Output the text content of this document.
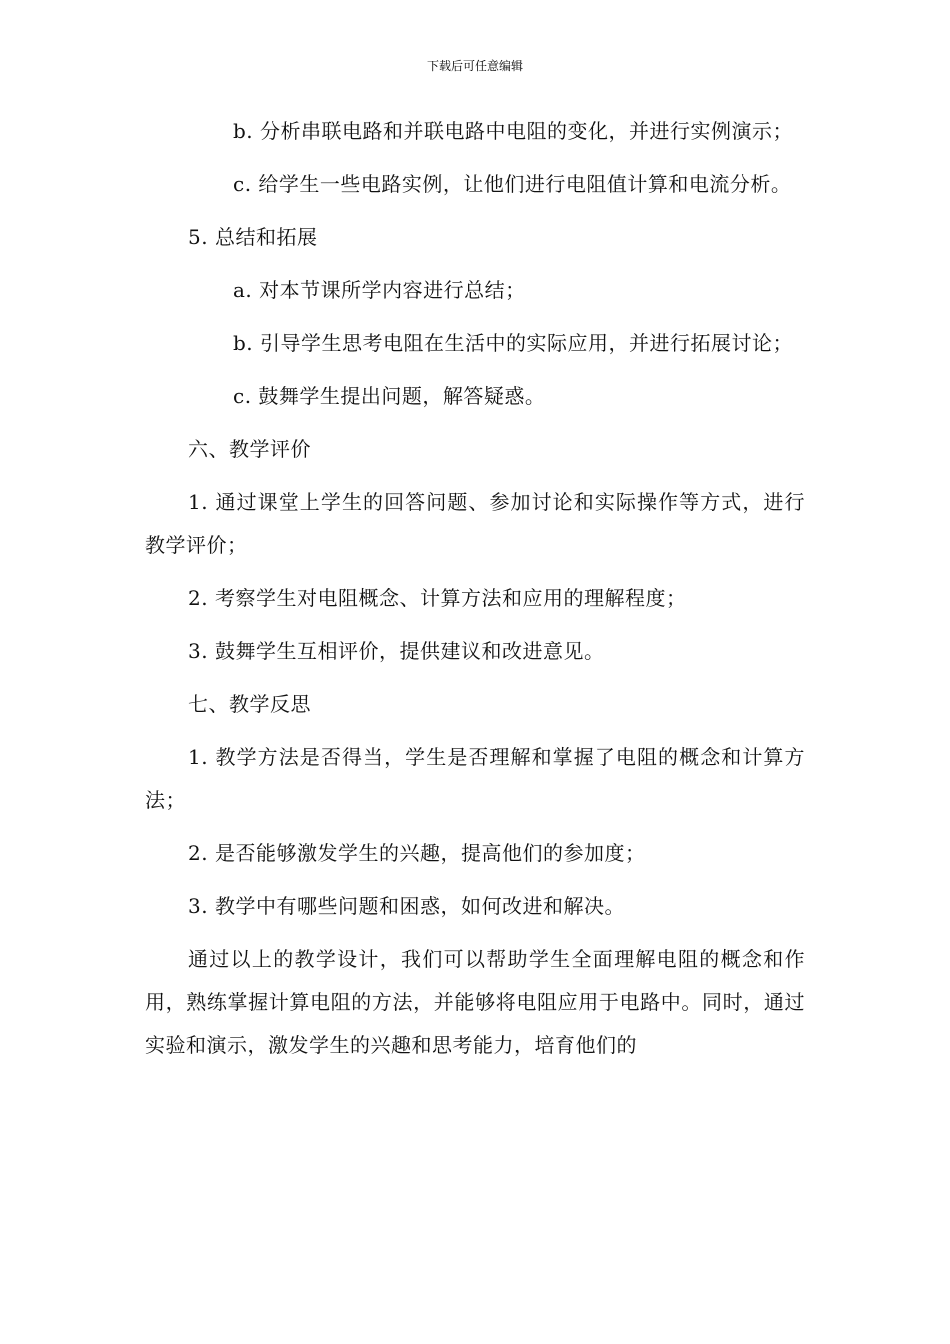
下载后可任意编辑

b. 分析串联电路和并联电路中电阻的变化，并进行实例演示；

c. 给学生一些电路实例，让他们进行电阻值计算和电流分析。

5. 总结和拓展

a. 对本节课所学内容进行总结；

b. 引导学生思考电阻在生活中的实际应用，并进行拓展讨论；

c. 鼓舞学生提出问题，解答疑惑。

六、教学评价

1. 通过课堂上学生的回答问题、参加讨论和实际操作等方式，进行教学评价；

2. 考察学生对电阻概念、计算方法和应用的理解程度；

3. 鼓舞学生互相评价，提供建议和改进意见。

七、教学反思

1. 教学方法是否得当，学生是否理解和掌握了电阻的概念和计算方法；

2. 是否能够激发学生的兴趣，提高他们的参加度；

3. 教学中有哪些问题和困惑，如何改进和解决。

通过以上的教学设计，我们可以帮助学生全面理解电阻的概念和作用，熟练掌握计算电阻的方法，并能够将电阻应用于电路中。同时，通过实验和演示，激发学生的兴趣和思考能力，培育他们的
